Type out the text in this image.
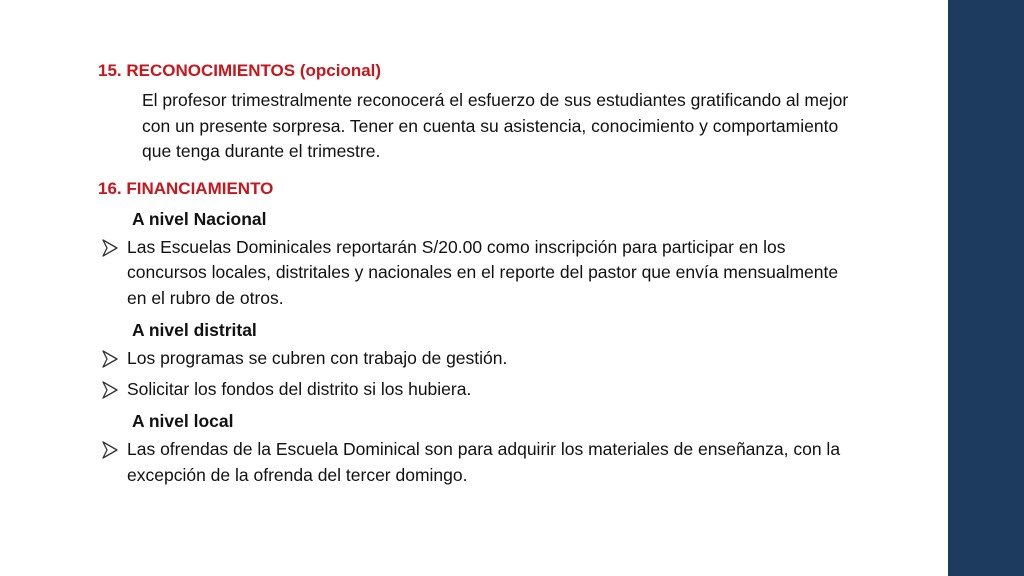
15. RECONOCIMIENTOS (opcional)
El profesor trimestralmente reconocerá el esfuerzo de sus estudiantes gratificando al mejor con un presente sorpresa. Tener en cuenta su asistencia, conocimiento y comportamiento que tenga durante el trimestre.
16. FINANCIAMIENTO
A nivel Nacional
Las Escuelas Dominicales reportarán S/20.00 como inscripción para participar en los concursos locales, distritales y nacionales en el reporte del pastor que envía mensualmente en el rubro de otros.
A nivel distrital
Los programas se cubren con trabajo de gestión.
Solicitar los fondos del distrito si los hubiera.
A nivel local
Las ofrendas de la Escuela Dominical son para adquirir los materiales de enseñanza, con la excepción de la ofrenda del tercer domingo.
